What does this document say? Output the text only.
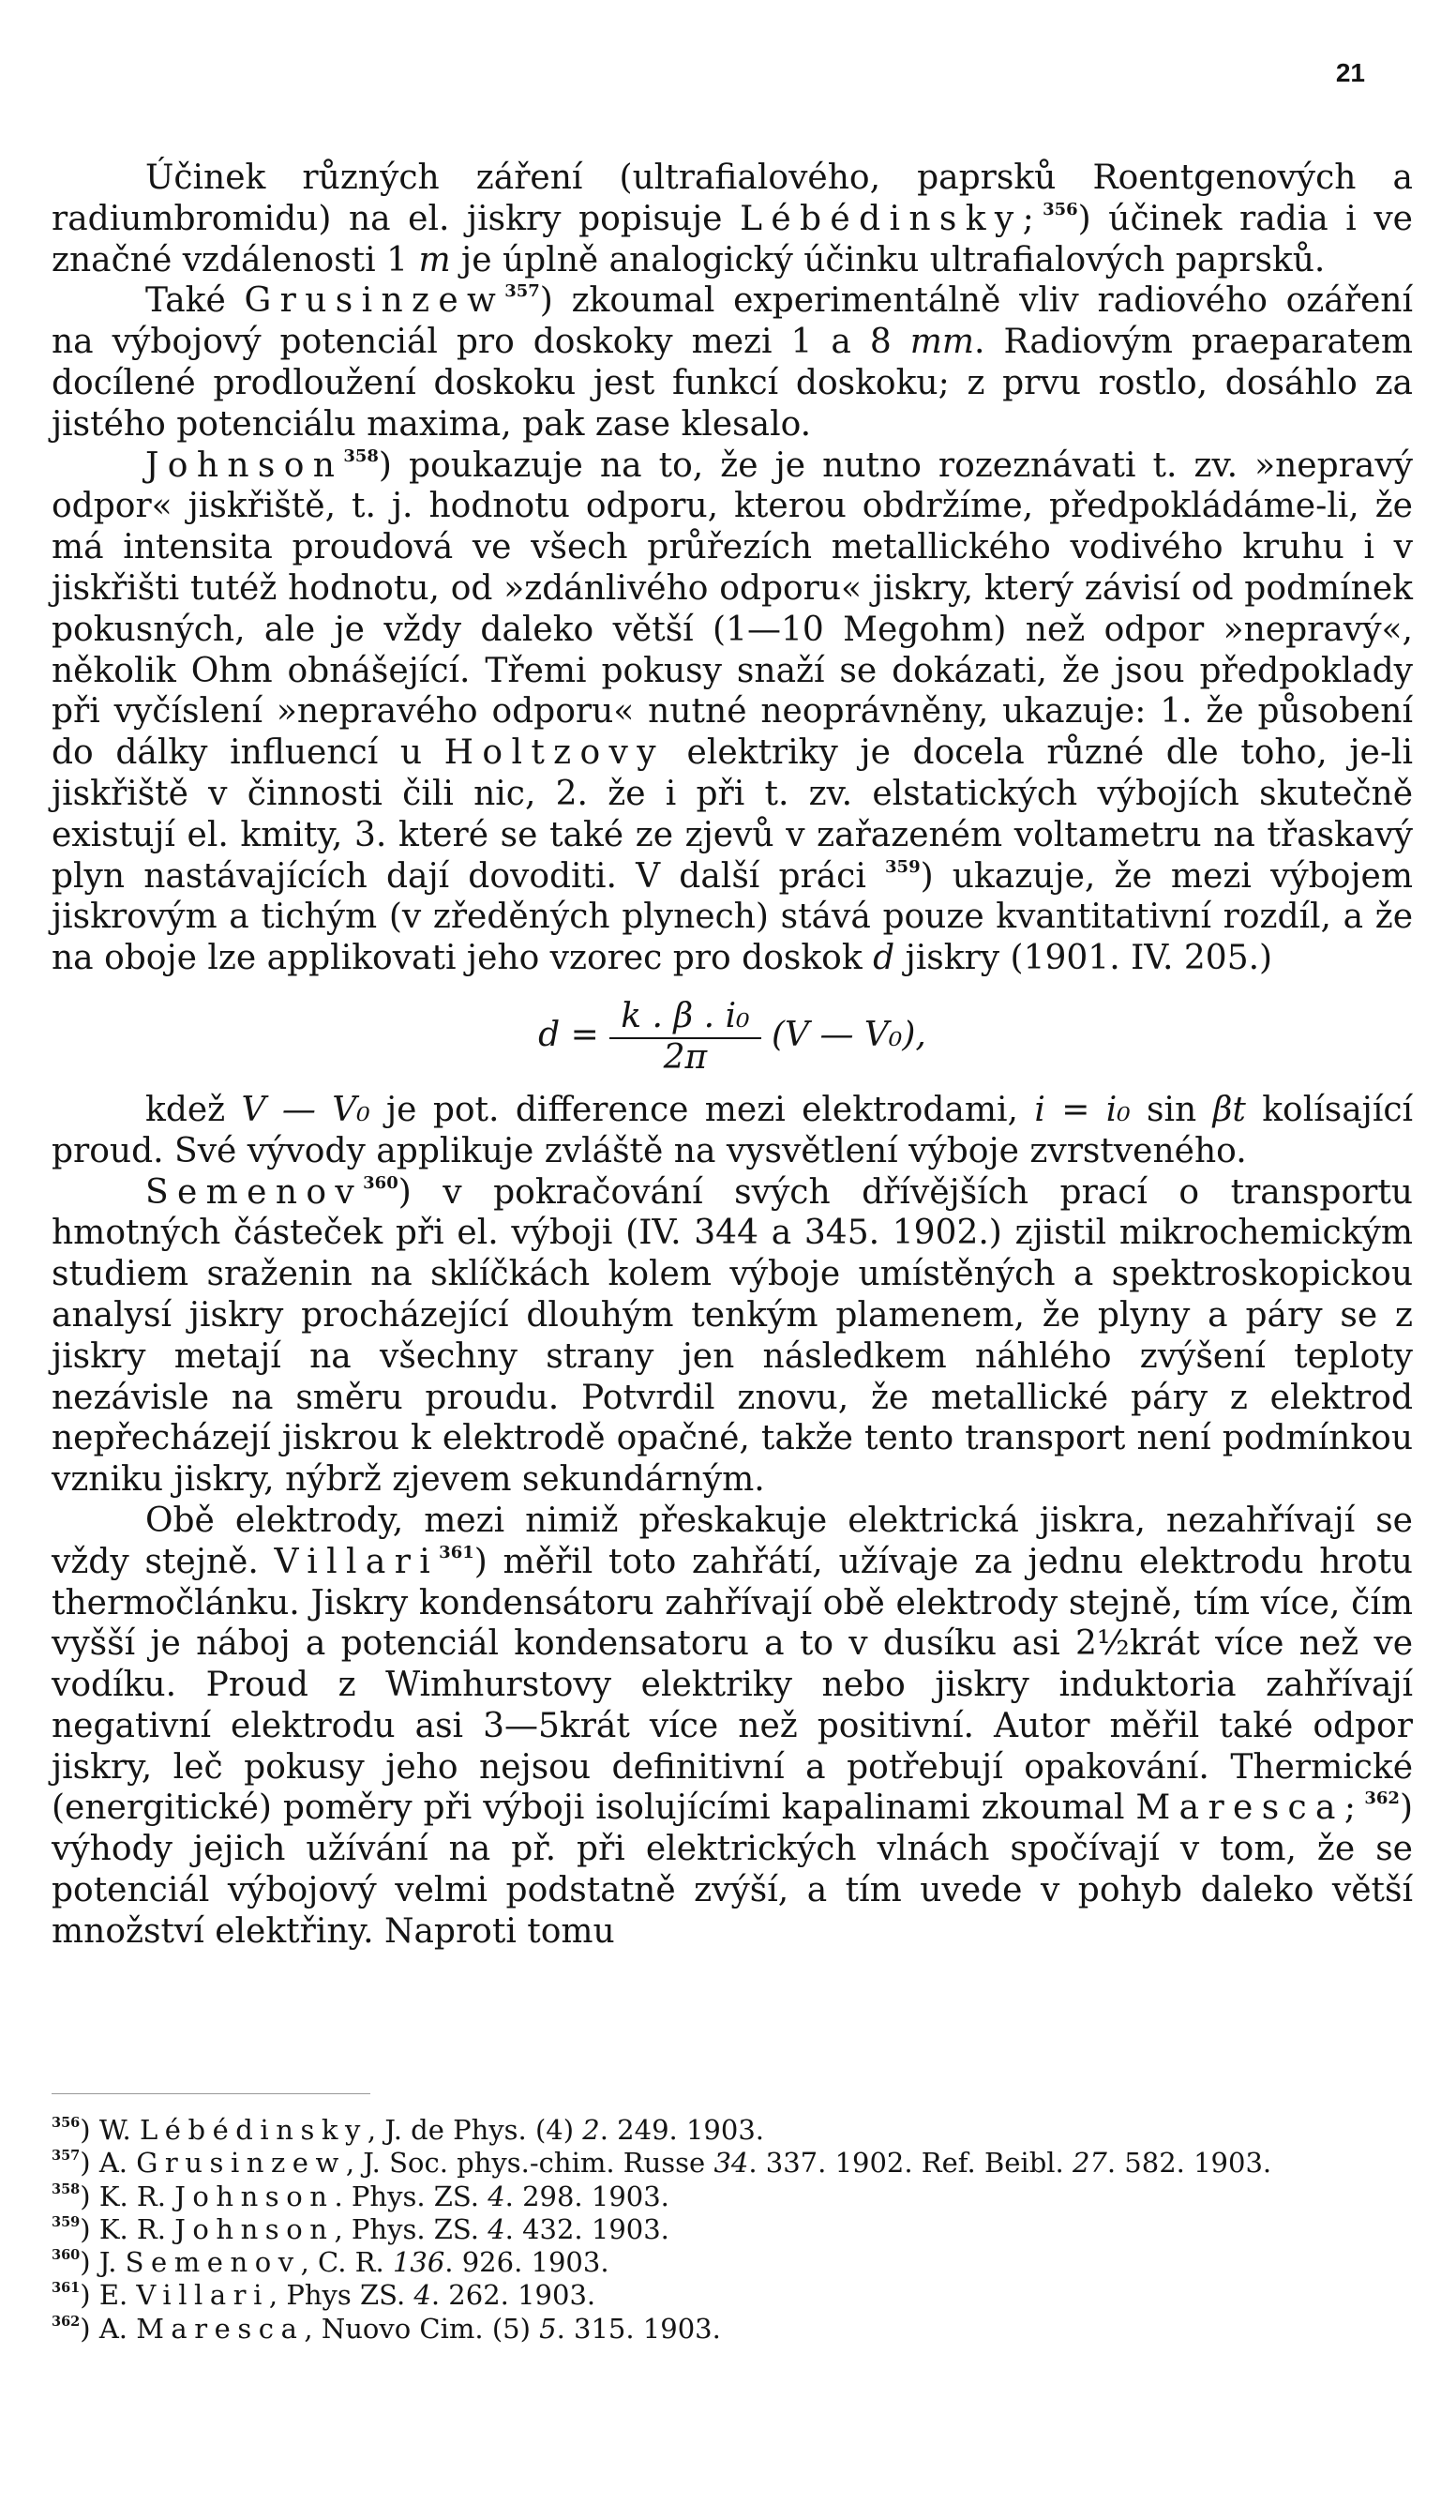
21

Účinek různých záření (ultrafialového, paprsků Roentgenových a radiumbromidu) na el. jiskry popisuje Lébédinsky;$^{356}$) účinek radia i ve značné vzdálenosti 1 m je úplně analogický účinku ultrafialových paprsků.

Také Grusinzew$^{357}$) zkoumal experimentálně vliv radiového ozáření na výbojový potenciál pro doskoky mezi 1 a 8 mm. Radiovým praeparatem docílené prodloužení doskoku jest funkcí doskoku; z prvu rostlo, dosáhlo za jistého potenciálu maxima, pak zase klesalo.

Johnson$^{358}$) poukazuje na to, že je nutno rozeznávati t. zv. »nepravý odpor« jiskřiště, t. j. hodnotu odporu, kterou obdržíme, předpokládáme-li, že má intensita proudová ve všech průřezích metallického vodivého kruhu i v jiskřišti tutéž hodnotu, od »zdánlivého odporu« jiskry, který závisí od podmínek pokusných, ale je vždy daleko větší (1—10 Megohm) než odpor »nepravý«, několik Ohm obnášející. Třemi pokusy snaží se dokázati, že jsou předpoklady při vyčíslení »nepravého odporu« nutné neoprávněny, ukazuje: 1. že působení do dálky influencí u Holtzovy elektriky je docela různé dle toho, je-li jiskřiště v činnosti čili nic, 2. že i při t. zv. elstatických výbojích skutečně existují el. kmity, 3. které se také ze zjevů v zařazeném voltametru na třaskavý plyn nastávajících dají dovoditi. V další práci $^{359}$) ukazuje, že mezi výbojem jiskrovým a tichým (v zředěných plynech) stává pouze kvantitativní rozdíl, a že na oboje lze applikovati jeho vzorec pro doskok d jiskry (1901. IV. 205.)

$d = \frac{\text{k . β . i₀}}{2\pi} (V$ — V₀),

kdež V — V₀ je pot. difference mezi elektrodami, i = i₀ sin βt kolísající proud. Své vývody applikuje zvláště na vysvětlení výboje zvrstveného.

Semenov$^{360}$) v pokračování svých dřívějších prací o transportu hmotných částeček při el. výboji (IV. 344 a 345. 1902.) zjistil mikrochemickým studiem sraženin na sklíčkách kolem výboje umístěných a spektroskopickou analysí jiskry procházející dlouhým tenkým plamenem, že plyny a páry se z jiskry metají na všechny strany jen následkem náhlého zvýšení teploty nezávisle na směru proudu. Potvrdil znovu, že metallické páry z elektrod nepřecházejí jiskrou k elektrodě opačné, takže tento transport není podmínkou vzniku jiskry, nýbrž zjevem sekundárným.

Obě elektrody, mezi nimiž přeskakuje elektrická jiskra, nezahřívají se vždy stejně. Villari$^{361}$) měřil toto zahřátí, užívaje za jednu elektrodu hrotu thermočlánku. Jiskry kondensátoru zahřívají obě elektrody stejně, tím více, čím vyšší je náboj a potenciál kondensatoru a to v dusíku asi 2½krát více než ve vodíku. Proud z Wimhurstovy elektriky nebo jiskry induktoria zahřívají negativní elektrodu asi 3—5krát více než positivní. Autor měřil také odpor jiskry, leč pokusy jeho nejsou definitivní a potřebují opakování. Thermické (energitické) poměry při výboji isolujícími kapalinami zkoumal Maresca;$^{362}$) výhody jejich užívání na př. při elektrických vlnách spočívají v tom, že se potenciál výbojový velmi podstatně zvýší, a tím uvede v pohyb daleko větší množství elektřiny. Naproti tomu

$^{356}$) W. Lébédinsky, J. de Phys. (4) 2. 249. 1903.
$^{357}$) A. Grusinzew, J. Soc. phys.-chim. Russe 34. 337. 1902. Ref. Beibl. 27. 582. 1903.
$^{358}$) K. R. Johnson. Phys. ZS. 4. 298. 1903.
$^{359}$) K. R. Johnson, Phys. ZS. 4. 432. 1903.
$^{360}$) J. Semenov, C. R. 136. 926. 1903.
$^{361}$) E. Villari, Phys ZS. 4. 262. 1903.
$^{362}$) A. Maresca, Nuovo Cim. (5) 5. 315. 1903.
